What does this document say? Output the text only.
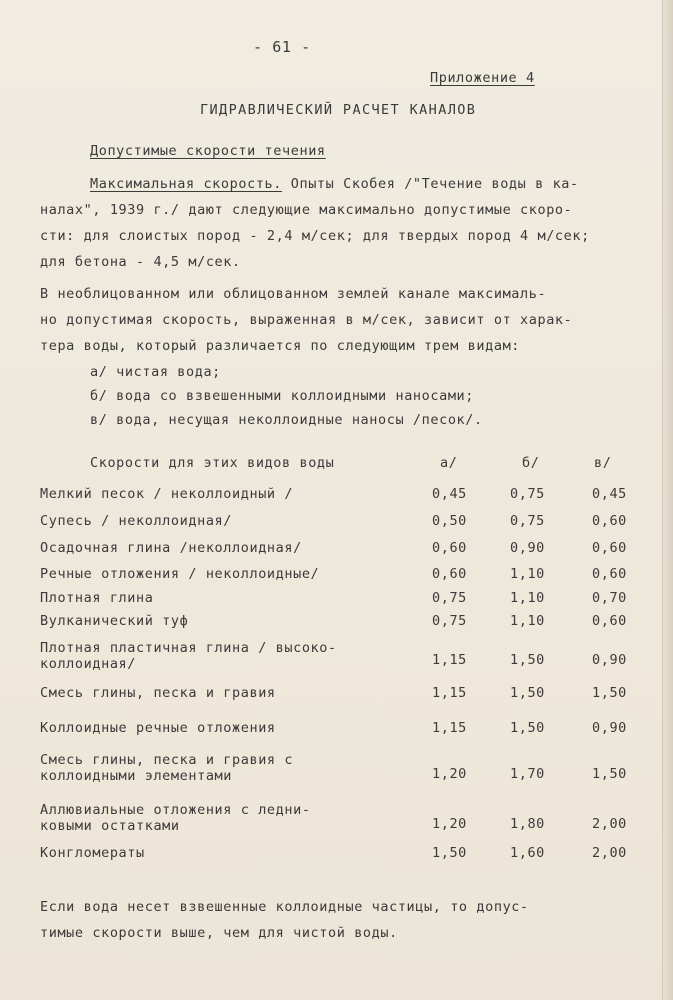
- 61 -
Приложение 4
ГИДРАВЛИЧЕСКИЙ РАСЧЕТ КАНАЛОВ
Допустимые скорости течения
Максимальная скорость. Опыты Скобея /"Течение воды в ка-
налах", 1939 г./ дают следующие максимально допустимые скоро-
сти: для слоистых пород - 2,4 м/сек; для твердых пород 4 м/сек;
для бетона - 4,5 м/сек.
В необлицованном или облицованном землей канале максималь-
но допустимая скорость, выраженная в м/сек, зависит от харак-
тера воды, который различается по следующим трем видам:
а/ чистая вода;
б/ вода со взвешенными коллоидными наносами;
в/ вода, несущая неколлоидные наносы /песок/.
Скорости для этих видов воды	а/	б/	в/
Мелкий песок / неколлоидный /	0,45	0,75	0,45
Супесь / неколлоидная/	0,50	0,75	0,60
Осадочная глина /неколлоидная/	0,60	0,90	0,60
Речные отложения / неколлоидные/	0,60	1,10	0,60
Плотная глина	0,75	1,10	0,70
Вулканический туф	0,75	1,10	0,60
Плотная пластичная глина / высоко-
коллоидная/	1,15	1,50	0,90
Смесь глины, песка и гравия	1,15	1,50	1,50
Коллоидные речные отложения	1,15	1,50	0,90
Смесь глины, песка и гравия с
коллоидными элементами	1,20	1,70	1,50
Аллювиальные отложения с ледни-
ковыми остатками	1,20	1,80	2,00
Конгломераты	1,50	1,60	2,00
Если вода несет взвешенные коллоидные частицы, то допус-
тимые скорости выше, чем для чистой воды.
